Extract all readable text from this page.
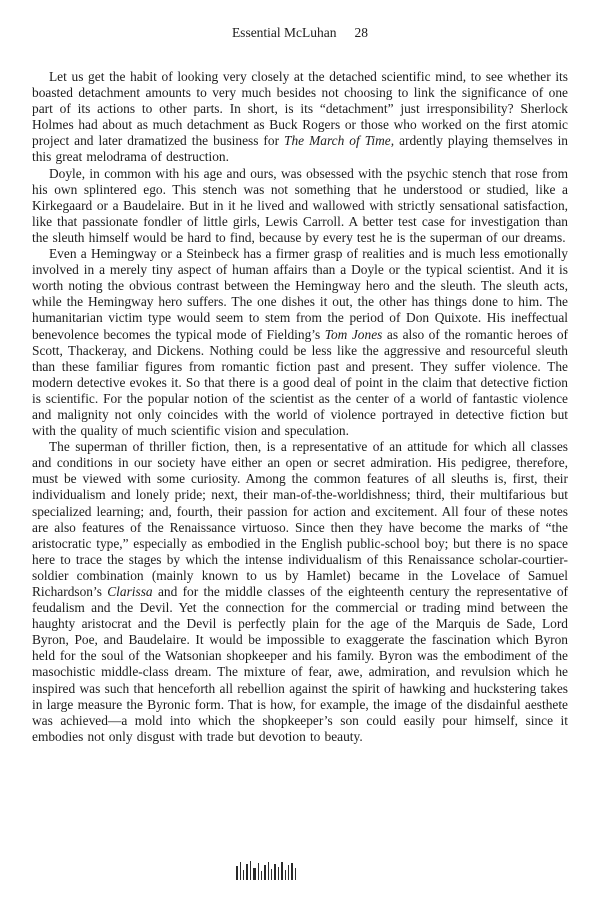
Essential McLuhan 28

Let us get the habit of looking very closely at the detached scientific mind, to see whether its boasted detachment amounts to very much besides not choosing to link the significance of one part of its actions to other parts. In short, is its “detachment” just irresponsibility? Sherlock Holmes had about as much detachment as Buck Rogers or those who worked on the first atomic project and later dramatized the business for The March of Time, ardently playing themselves in this great melodrama of destruction.

Doyle, in common with his age and ours, was obsessed with the psychic stench that rose from his own splintered ego. This stench was not something that he understood or studied, like a Kirkegaard or a Baudelaire. But in it he lived and wallowed with strictly sensational satisfaction, like that passionate fondler of little girls, Lewis Carroll. A better test case for investigation than the sleuth himself would be hard to find, because by every test he is the superman of our dreams.

Even a Hemingway or a Steinbeck has a firmer grasp of realities and is much less emotionally involved in a merely tiny aspect of human affairs than a Doyle or the typical scientist. And it is worth noting the obvious contrast between the Hemingway hero and the sleuth. The sleuth acts, while the Hemingway hero suffers. The one dishes it out, the other has things done to him. The humanitarian victim type would seem to stem from the period of Don Quixote. His ineffectual benevolence becomes the typical mode of Fielding’s Tom Jones as also of the romantic heroes of Scott, Thackeray, and Dickens. Nothing could be less like the aggressive and resourceful sleuth than these familiar figures from romantic fiction past and present. They suffer violence. The modern detective evokes it. So that there is a good deal of point in the claim that detective fiction is scientific. For the popular notion of the scientist as the center of a world of fantastic violence and malignity not only coincides with the world of violence portrayed in detective fiction but with the quality of much scientific vision and speculation.

The superman of thriller fiction, then, is a representative of an attitude for which all classes and conditions in our society have either an open or secret admiration. His pedigree, therefore, must be viewed with some curiosity. Among the common features of all sleuths is, first, their individualism and lonely pride; next, their man-of-the-worldishness; third, their multifarious but specialized learning; and, fourth, their passion for action and excitement. All four of these notes are also features of the Renaissance virtuoso. Since then they have become the marks of “the aristocratic type,” especially as embodied in the English public-school boy; but there is no space here to trace the stages by which the intense individualism of this Renaissance scholar-courtier-soldier combination (mainly known to us by Hamlet) became in the Lovelace of Samuel Richardson’s Clarissa and for the middle classes of the eighteenth century the representative of feudalism and the Devil. Yet the connection for the commercial or trading mind between the haughty aristocrat and the Devil is perfectly plain for the age of the Marquis de Sade, Lord Byron, Poe, and Baudelaire. It would be impossible to exaggerate the fascination which Byron held for the soul of the Watsonian shopkeeper and his family. Byron was the embodiment of the masochistic middle-class dream. The mixture of fear, awe, admiration, and revulsion which he inspired was such that henceforth all rebellion against the spirit of hawking and huckstering takes in large measure the Byronic form. That is how, for example, the image of the disdainful aesthete was achieved—a mold into which the shopkeeper’s son could easily pour himself, since it embodies not only disgust with trade but devotion to beauty.
